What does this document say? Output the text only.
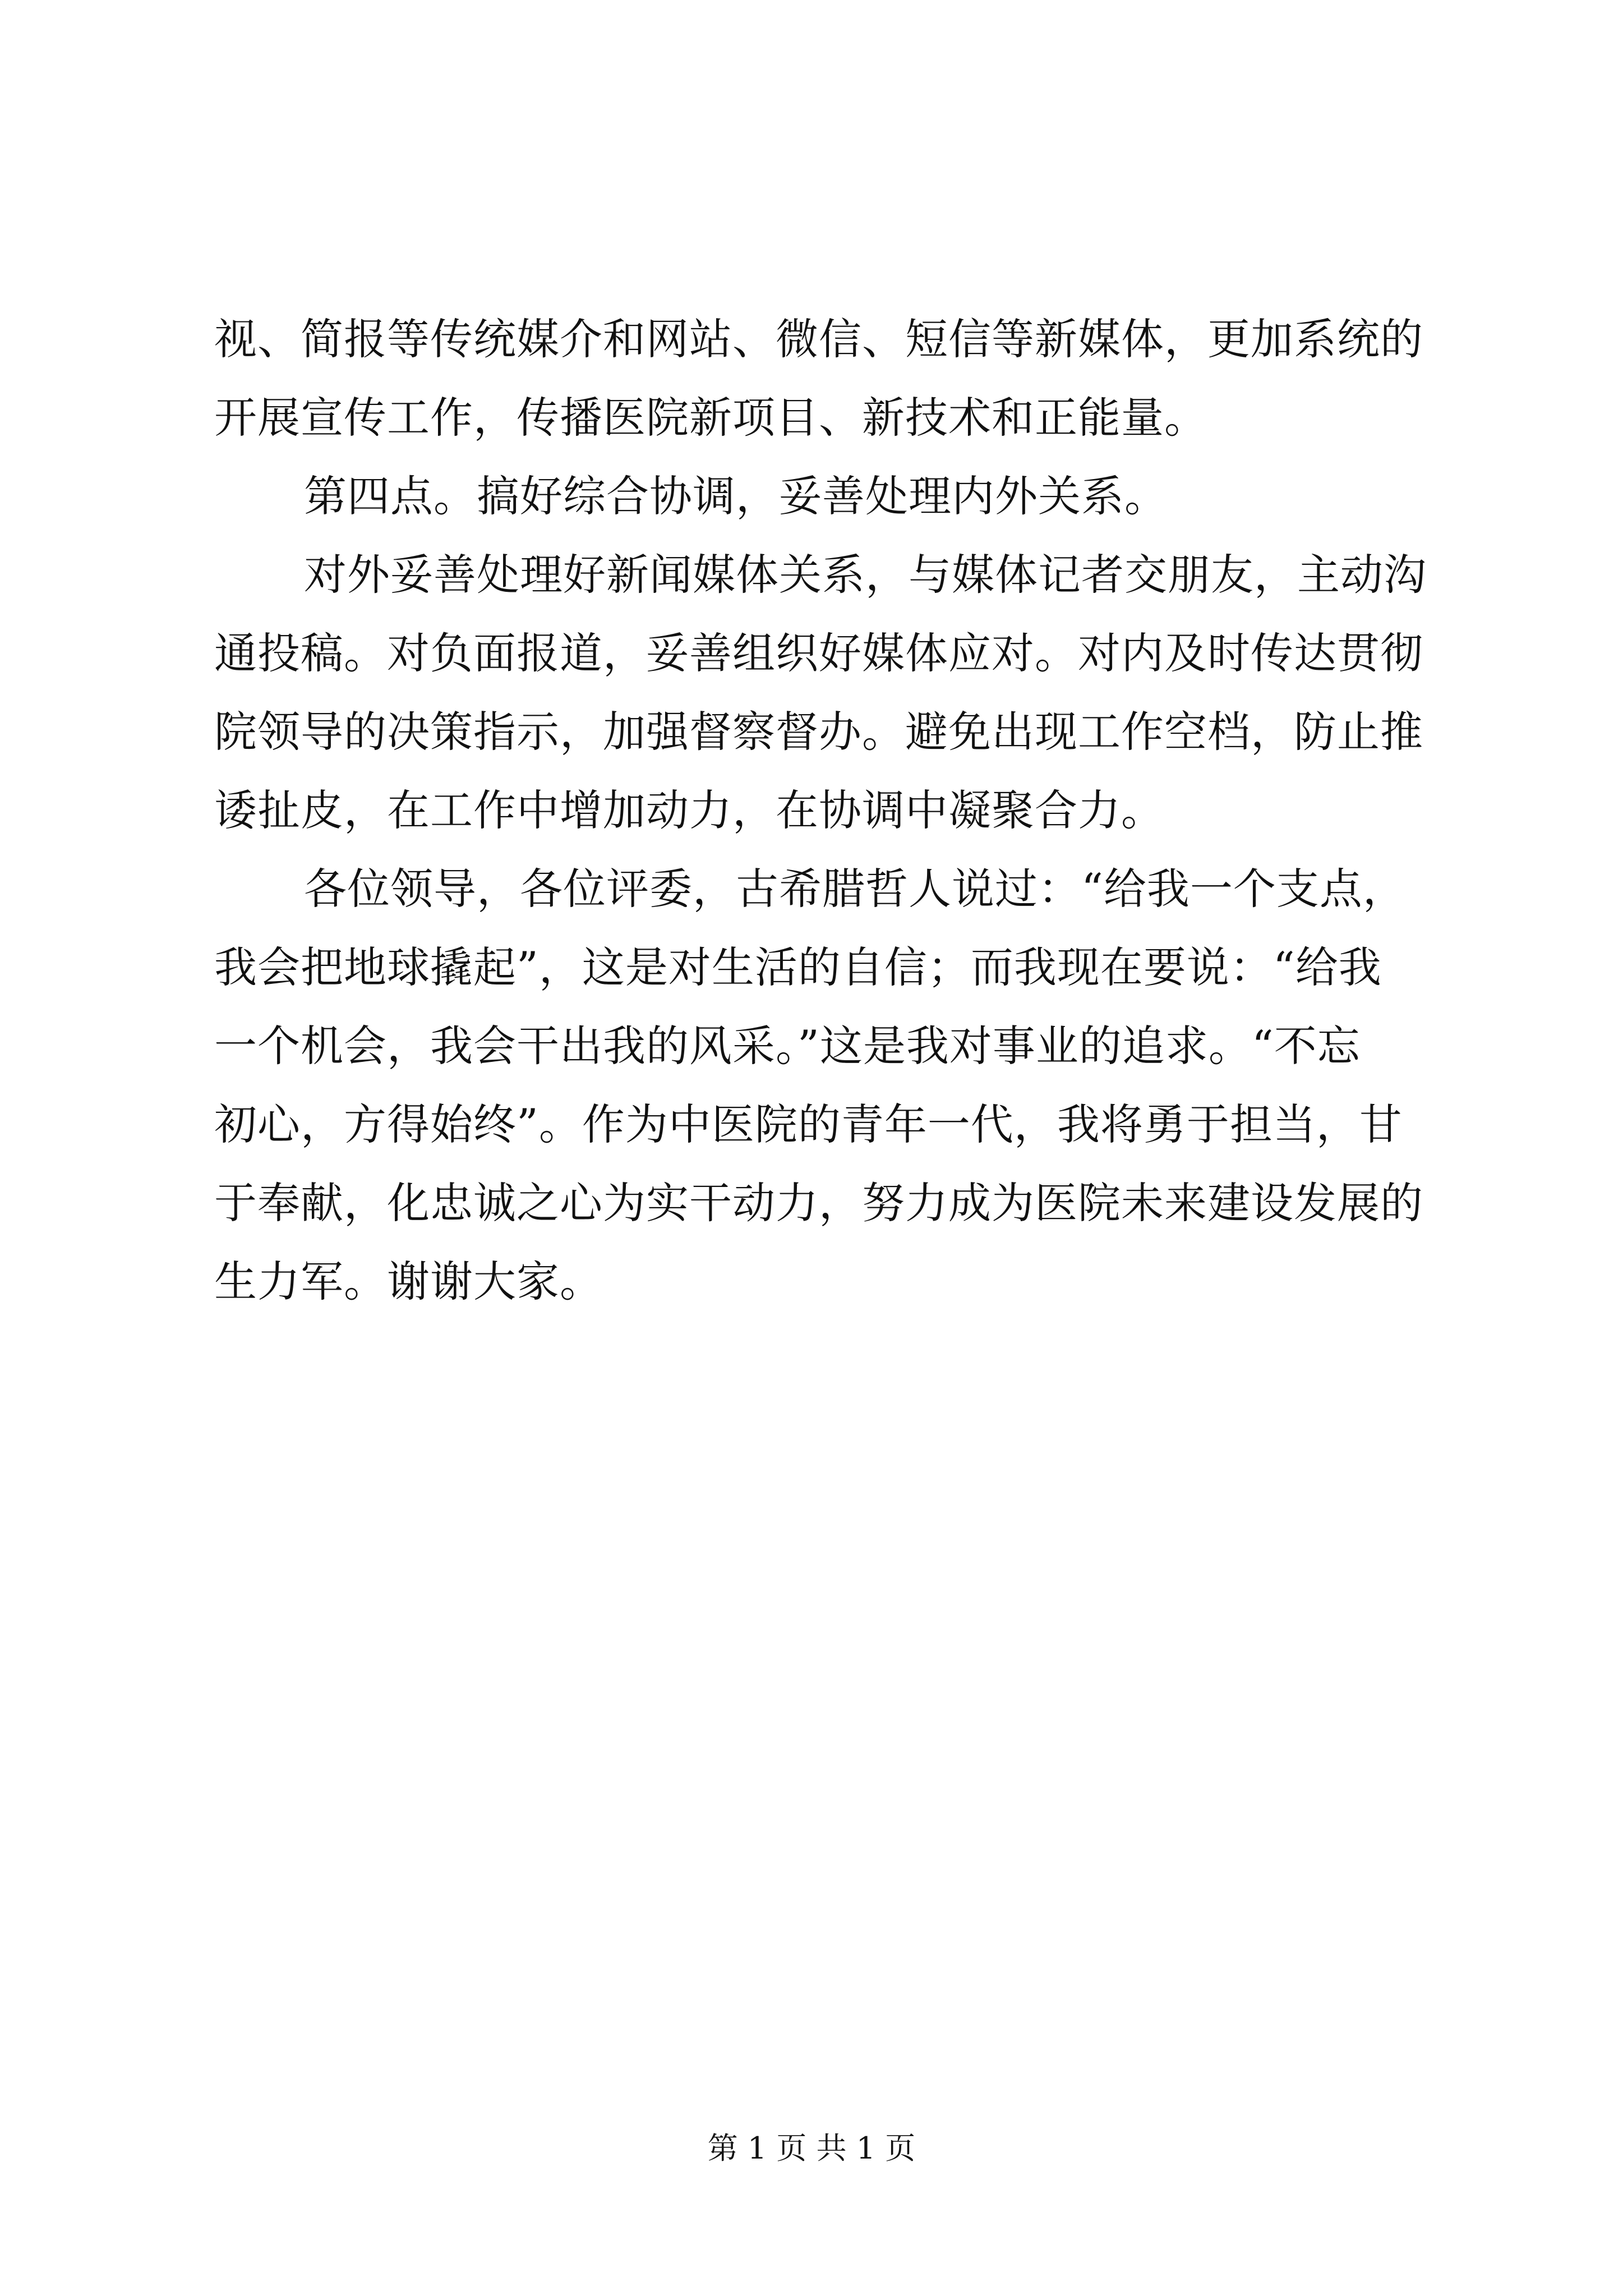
视、简报等传统媒介和网站、微信、短信等新媒体，更加系统的
开展宣传工作，传播医院新项目、新技术和正能量。
第四点。搞好综合协调，妥善处理内外关系。
对外妥善处理好新闻媒体关系，与媒体记者交朋友，主动沟
通投稿。对负面报道，妥善组织好媒体应对。对内及时传达贯彻
院领导的决策指示，加强督察督办。避免出现工作空档，防止推
诿扯皮，在工作中增加动力，在协调中凝聚合力。
各位领导，各位评委，古希腊哲人说过：“给我一个支点，
我会把地球撬起”，这是对生活的自信；而我现在要说：“给我
一个机会，我会干出我的风采。”这是我对事业的追求。“不忘
初心，方得始终”。作为中医院的青年一代，我将勇于担当，甘
于奉献，化忠诚之心为实干动力，努力成为医院未来建设发展的
生力军。谢谢大家。
第 1 页 共 1 页
